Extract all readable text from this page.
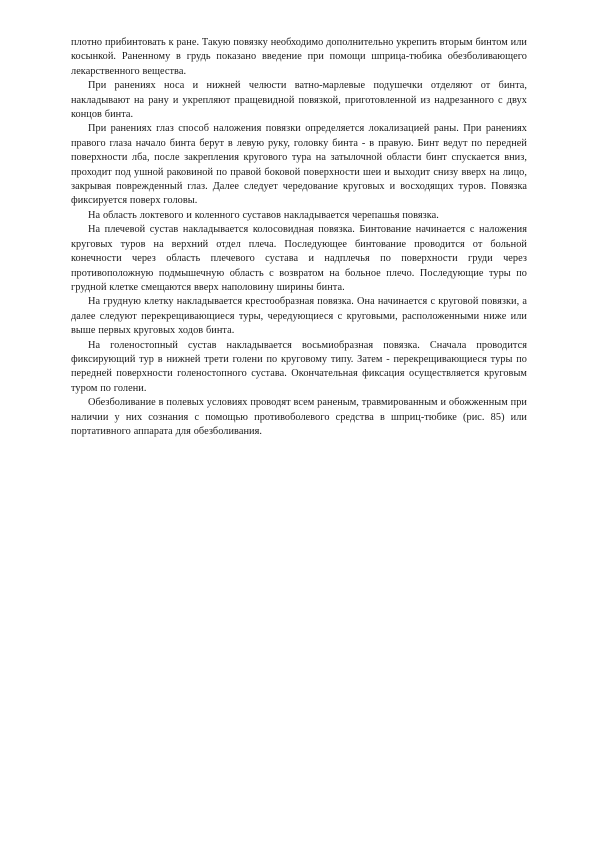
плотно прибинтовать к ране. Такую повязку необходимо дополнительно укрепить вторым бинтом или косынкой. Раненному в грудь показано введение при помощи шприца-тюбика обезболивающего лекарственного вещества.

При ранениях носа и нижней челюсти ватно-марлевые подушечки отделяют от бинта, накладывают на рану и укрепляют пращевидной повязкой, приготовленной из надрезанного с двух концов бинта.

При ранениях глаз способ наложения повязки определяется локализацией раны. При ранениях правого глаза начало бинта берут в левую руку, головку бинта - в правую. Бинт ведут по передней поверхности лба, после закрепления кругового тура на затылочной области бинт спускается вниз, проходит под ушной раковиной по правой боковой поверхности шеи и выходит снизу вверх на лицо, закрывая поврежденный глаз. Далее следует чередование круговых и восходящих туров. Повязка фиксируется поверх головы.

На область локтевого и коленного суставов накладывается черепашья повязка.

На плечевой сустав накладывается колосовидная повязка. Бинтование начинается с наложения круговых туров на верхний отдел плеча. Последующее бинтование проводится от больной конечности через область плечевого сустава и надплечья по поверхности груди через противоположную подмышечную область с возвратом на больное плечо. Последующие туры по грудной клетке смещаются вверх наполовину ширины бинта.

На грудную клетку накладывается крестообразная повязка. Она начинается с круговой повязки, а далее следуют перекрещивающиеся туры, чередующиеся с круговыми, расположенными ниже или выше первых круговых ходов бинта.

На голеностопный сустав накладывается восьмиобразная повязка. Сначала проводится фиксирующий тур в нижней трети голени по круговому типу. Затем - перекрещивающиеся туры по передней поверхности голеностопного сустава. Окончательная фиксация осуществляется круговым туром по голени.

Обезболивание в полевых условиях проводят всем раненым, травмированным и обожженным при наличии у них сознания с помощью противоболевого средства в шприц-тюбике (рис. 85) или портативного аппарата для обезболивания.
